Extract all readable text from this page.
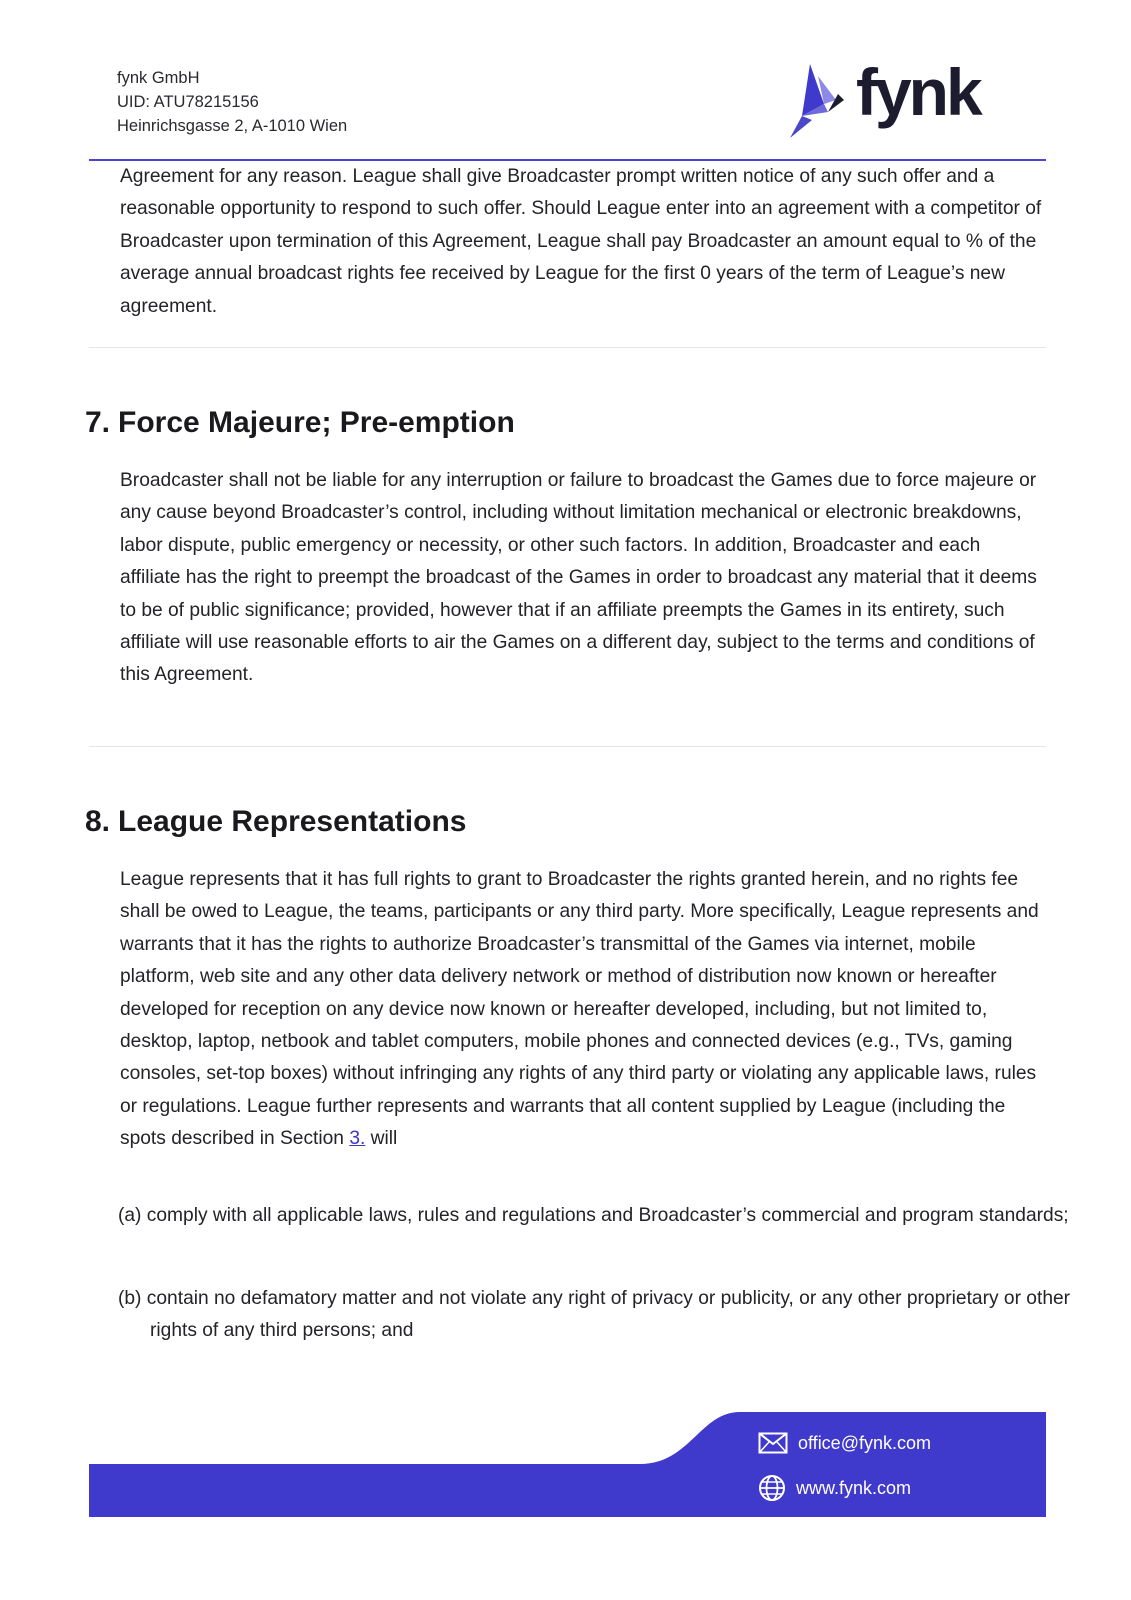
fynk GmbH
UID: ATU78215156
Heinrichsgasse 2, A-1010 Wien	fynk

Agreement for any reason. League shall give Broadcaster prompt written notice of any such offer and a reasonable opportunity to respond to such offer. Should League enter into an agreement with a competitor of Broadcaster upon termination of this Agreement, League shall pay Broadcaster an amount equal to % of the average annual broadcast rights fee received by League for the first 0 years of the term of League’s new agreement.

7. Force Majeure; Pre-emption

Broadcaster shall not be liable for any interruption or failure to broadcast the Games due to force majeure or any cause beyond Broadcaster’s control, including without limitation mechanical or electronic breakdowns, labor dispute, public emergency or necessity, or other such factors. In addition, Broadcaster and each affiliate has the right to preempt the broadcast of the Games in order to broadcast any material that it deems to be of public significance; provided, however that if an affiliate preempts the Games in its entirety, such affiliate will use reasonable efforts to air the Games on a different day, subject to the terms and conditions of this Agreement.

8. League Representations

League represents that it has full rights to grant to Broadcaster the rights granted herein, and no rights fee shall be owed to League, the teams, participants or any third party. More specifically, League represents and warrants that it has the rights to authorize Broadcaster’s transmittal of the Games via internet, mobile platform, web site and any other data delivery network or method of distribution now known or hereafter developed for reception on any device now known or hereafter developed, including, but not limited to, desktop, laptop, netbook and tablet computers, mobile phones and connected devices (e.g., TVs, gaming consoles, set-top boxes) without infringing any rights of any third party or violating any applicable laws, rules or regulations. League further represents and warrants that all content supplied by League (including the spots described in Section 3. will

(a) comply with all applicable laws, rules and regulations and Broadcaster’s commercial and program standards;

(b) contain no defamatory matter and not violate any right of privacy or publicity, or any other proprietary or other rights of any third persons; and

office@fynk.com
www.fynk.com
